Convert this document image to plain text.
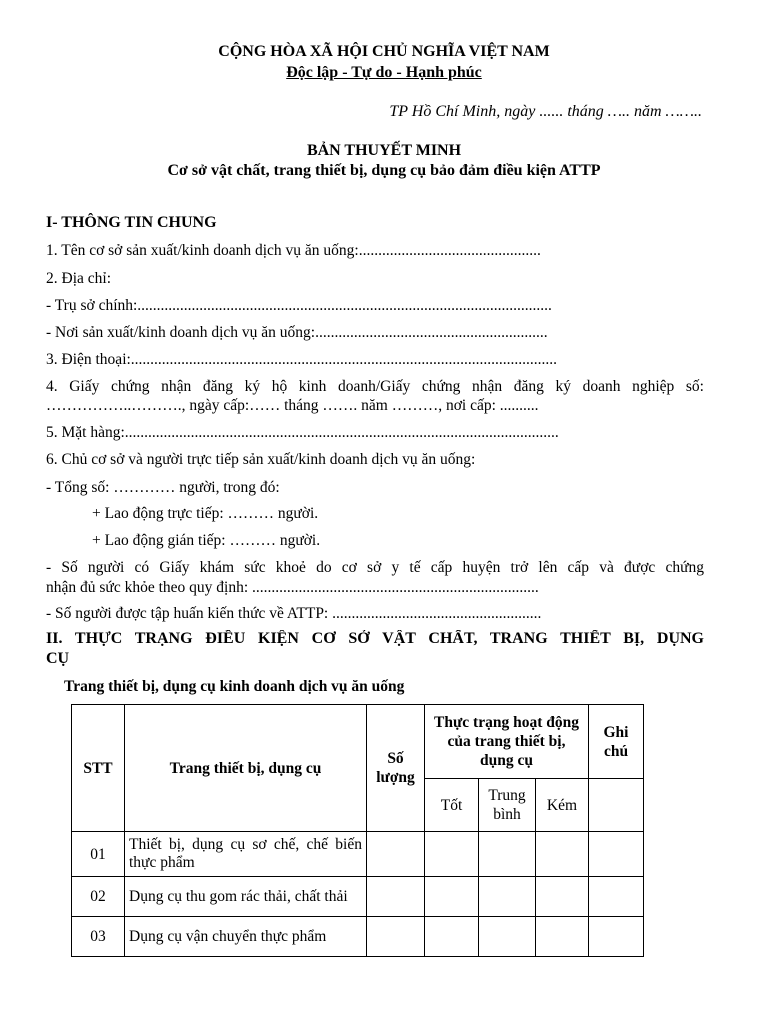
CỘNG HÒA XÃ HỘI CHỦ NGHĨA VIỆT NAM
Độc lập - Tự do - Hạnh phúc
TP Hồ Chí Minh, ngày ...... tháng ….. năm ……..
BẢN THUYẾT MINH
Cơ sở vật chất, trang thiết bị, dụng cụ bảo đảm điều kiện ATTP
I- THÔNG TIN CHUNG
1. Tên cơ sở sản xuất/kinh doanh dịch vụ ăn uống:...............................................
2. Địa chỉ:
- Trụ sở chính:...........................................................................................................
- Nơi sản xuất/kinh doanh dịch vụ ăn uống:............................................................
3. Điện thoại:..............................................................................................................
4. Giấy chứng nhận đăng ký hộ kinh doanh/Giấy chứng nhận đăng ký doanh nghiệp số:
……………..………., ngày cấp:…… tháng ……. năm ………, nơi cấp: ..........
5. Mặt hàng:................................................................................................................
6. Chủ cơ sở và người trực tiếp sản xuất/kinh doanh dịch vụ ăn uống:
- Tổng số: ………… người, trong đó:
+ Lao động trực tiếp: ……… người.
+ Lao động gián tiếp: ……… người.
- Số người có Giấy khám sức khoẻ do cơ sở y tế cấp huyện trở lên cấp và được chứng
nhận đủ sức khỏe theo quy định: ..........................................................................
- Số người được tập huấn kiến thức về ATTP: ......................................................
II. THỰC TRẠNG ĐIỀU KIỆN CƠ SỞ VẬT CHẤT, TRANG THIẾT BỊ, DỤNG
CỤ
Trang thiết bị, dụng cụ kinh doanh dịch vụ ăn uống
STT	Trang thiết bị, dụng cụ	Số lượng	Thực trạng hoạt động của trang thiết bị, dụng cụ			Ghi chú
			Tốt	Trung bình	Kém	
01	Thiết bị, dụng cụ sơ chế, chế biến thực phẩm					
02	Dụng cụ thu gom rác thải, chất thải					
03	Dụng cụ vận chuyển thực phẩm					
